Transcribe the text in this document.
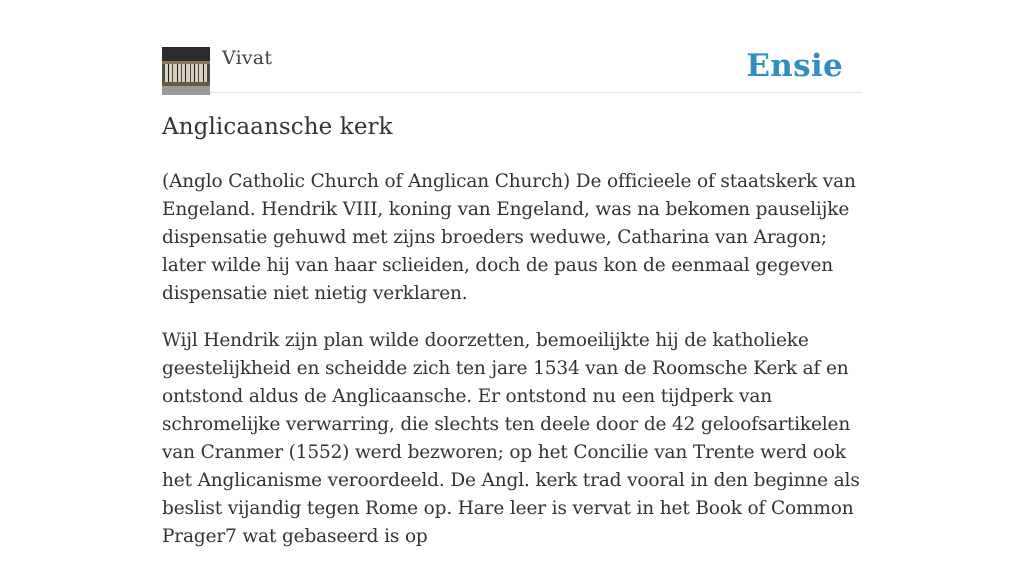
Vivat	Ensie
Anglicaansche kerk

(Anglo Catholic Church of Anglican Church) De officieele of staatskerk van Engeland. Hendrik VIII, koning van Engeland, was na bekomen pauselijke dispensatie gehuwd met zijns broeders weduwe, Catharina van Aragon; later wilde hij van haar sclieiden, doch de paus kon de eenmaal gegeven dispensatie niet nietig verklaren.

Wijl Hendrik zijn plan wilde doorzetten, bemoeilijkte hij de katholieke geestelijkheid en scheidde zich ten jare 1534 van de Roomsche Kerk af en ontstond aldus de Anglicaansche. Er ontstond nu een tijdperk van schromelijke verwarring, die slechts ten deele door de 42 geloofsartikelen van Cranmer (1552) werd bezworen; op het Concilie van Trente werd ook het Anglicanisme veroordeeld. De Angl. kerk trad vooral in den beginne als beslist vijandig tegen Rome op. Hare leer is vervat in het Book of Common Prager7 wat gebaseerd is op
